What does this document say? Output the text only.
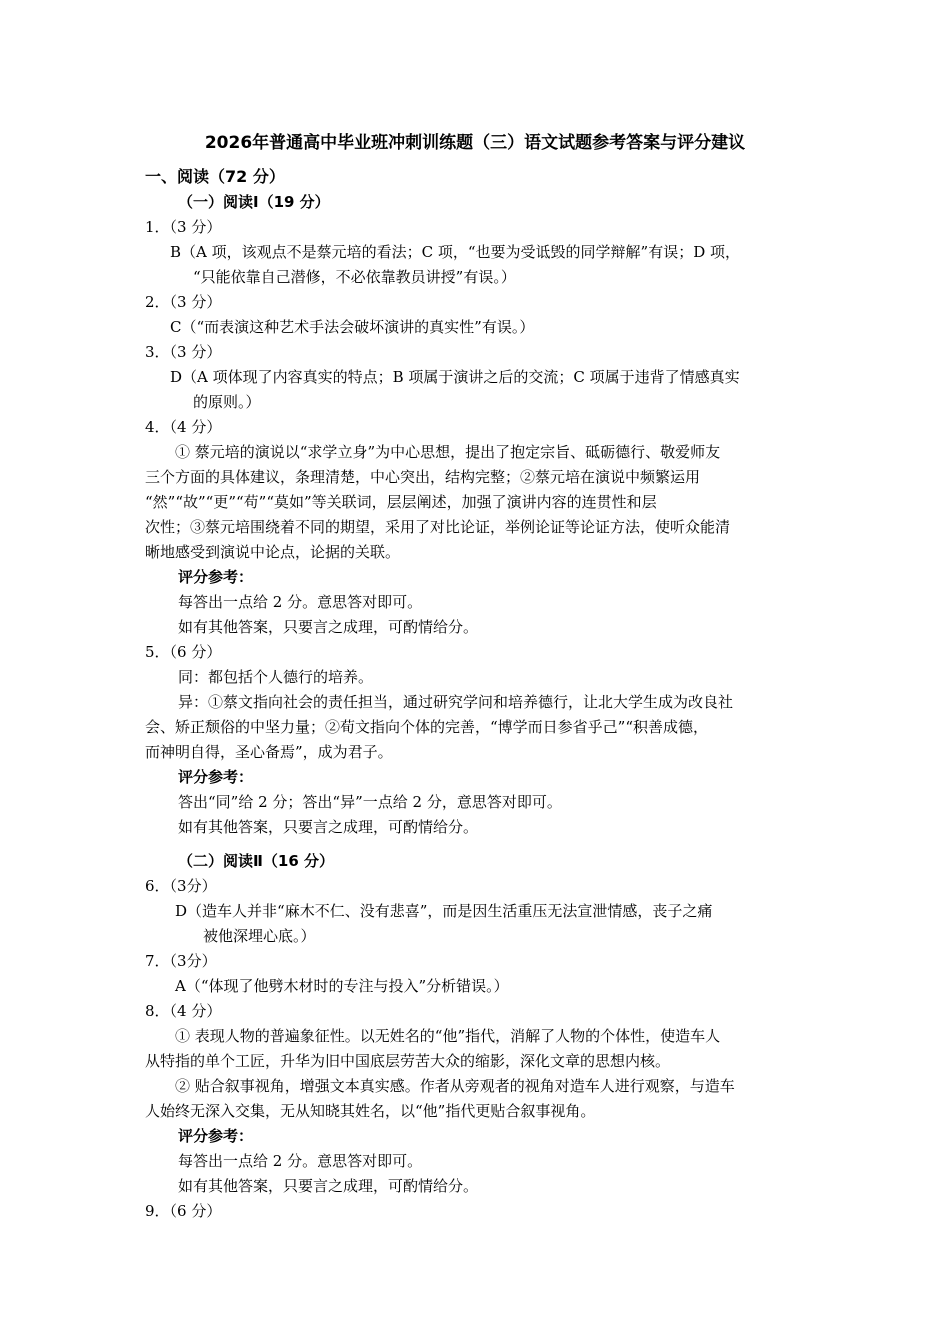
2026年普通高中毕业班冲刺训练题（三）语文试题参考答案与评分建议
一、阅读（72 分）
（一）阅读Ⅰ（19 分）
1．（3 分）
B（A 项，该观点不是蔡元培的看法；C 项，“也要为受诋毁的同学辩解”有误；D 项，
“只能依靠自己潜修，不必依靠教员讲授”有误。）
2．（3 分）
C（“而表演这种艺术手法会破坏演讲的真实性”有误。）
3．（3 分）
D（A 项体现了内容真实的特点；B 项属于演讲之后的交流；C 项属于违背了情感真实
的原则。）
4．（4 分）
① 蔡元培的演说以“求学立身”为中心思想，提出了抱定宗旨、砥砺德行、敬爱师友
三个方面的具体建议，条理清楚，中心突出，结构完整；②蔡元培在演说中频繁运用
“然”“故”“更”“苟”“莫如”等关联词，层层阐述，加强了演讲内容的连贯性和层
次性；③蔡元培围绕着不同的期望，采用了对比论证，举例论证等论证方法，使听众能清
晰地感受到演说中论点，论据的关联。
评分参考：
每答出一点给 2 分。意思答对即可。
如有其他答案，只要言之成理，可酌情给分。
5．（6 分）
同：都包括个人德行的培养。
异：①蔡文指向社会的责任担当，通过研究学问和培养德行，让北大学生成为改良社
会、矫正颓俗的中坚力量；②荀文指向个体的完善，“博学而日参省乎己”“积善成德，
而神明自得，圣心备焉”，成为君子。
评分参考：
答出“同”给 2 分；答出“异”一点给 2 分，意思答对即可。
如有其他答案，只要言之成理，可酌情给分。
（二）阅读Ⅱ（16 分）
6．（3分）
D（造车人并非“麻木不仁、没有悲喜”，而是因生活重压无法宣泄情感，丧子之痛
被他深埋心底。）
7．（3分）
A（“体现了他劈木材时的专注与投入”分析错误。）
8．（4 分）
① 表现人物的普遍象征性。以无姓名的“他”指代，消解了人物的个体性，使造车人
从特指的单个工匠，升华为旧中国底层劳苦大众的缩影，深化文章的思想内核。
② 贴合叙事视角，增强文本真实感。作者从旁观者的视角对造车人进行观察，与造车
人始终无深入交集，无从知晓其姓名，以“他”指代更贴合叙事视角。
评分参考：
每答出一点给 2 分。意思答对即可。
如有其他答案，只要言之成理，可酌情给分。
9．（6 分）
